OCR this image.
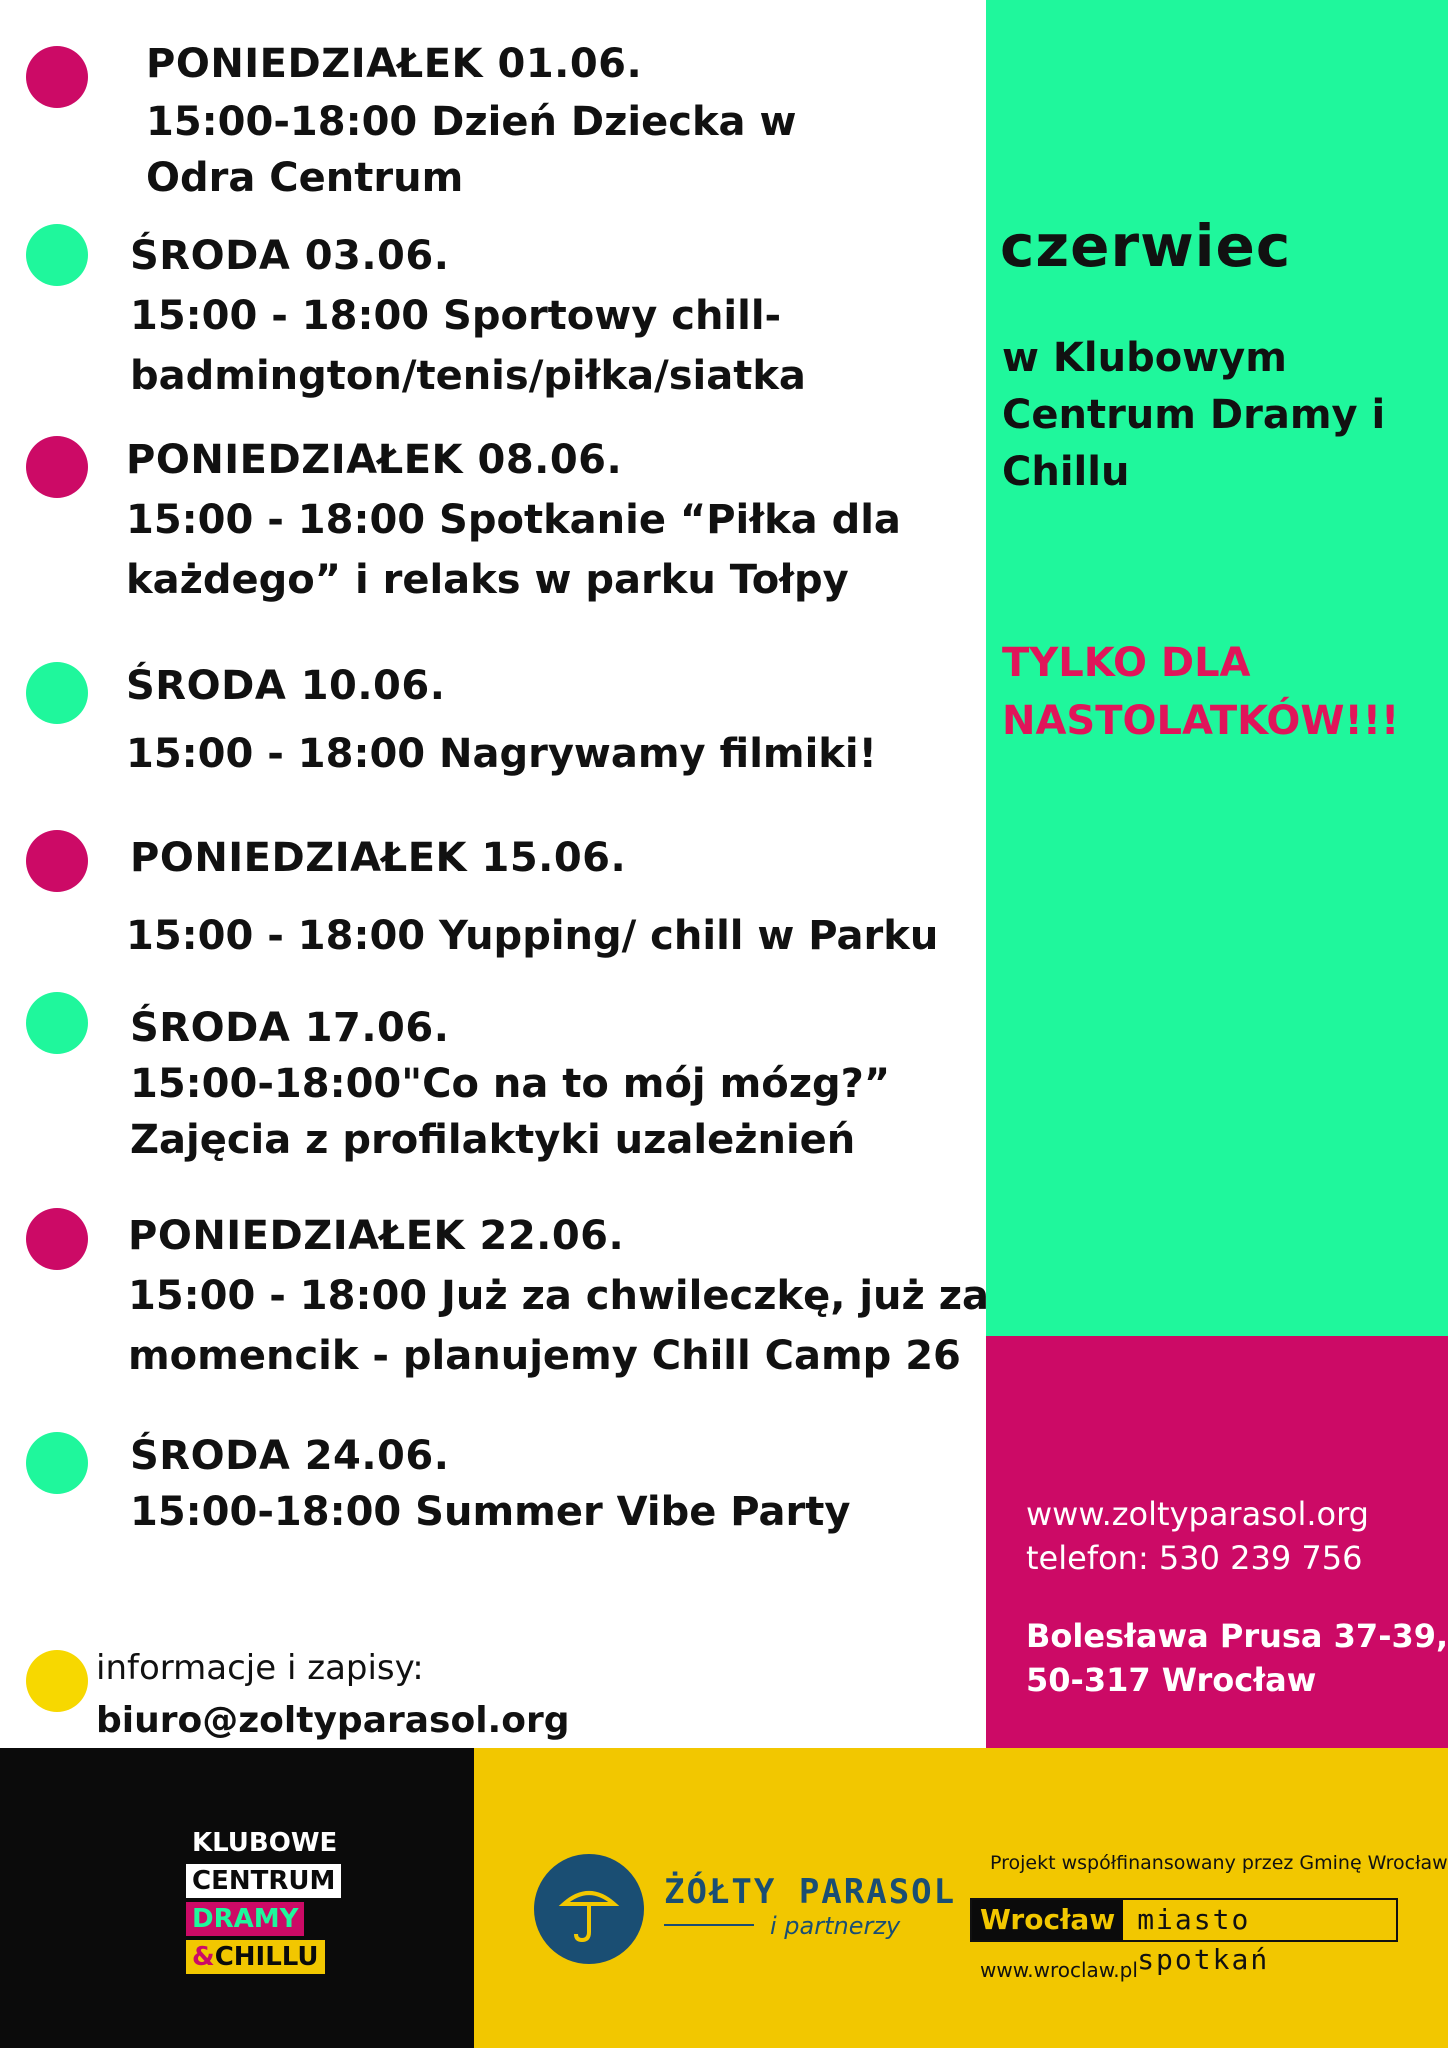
PONIEDZIAŁEK 01.06.
15:00-18:00 Dzień Dziecka w
Odra Centrum
ŚRODA 03.06.
15:00 - 18:00 Sportowy chill-
badmington/tenis/piłka/siatka
PONIEDZIAŁEK 08.06.
15:00 - 18:00 Spotkanie “Piłka dla
każdego” i relaks w parku Tołpy
ŚRODA 10.06.
15:00 - 18:00 Nagrywamy filmiki!
PONIEDZIAŁEK 15.06.
15:00 - 18:00 Yupping/ chill w Parku
ŚRODA 17.06.
15:00-18:00"Co na to mój mózg?”
Zajęcia z profilaktyki uzależnień
PONIEDZIAŁEK 22.06.
15:00 - 18:00 Już za chwileczkę, już za
momencik - planujemy Chill Camp 26
ŚRODA 24.06.
15:00-18:00 Summer Vibe Party
czerwiec
w Klubowym Centrum Dramy i Chillu
TYLKO DLA NASTOLATKÓW!!!
www.zoltyparasol.org
telefon: 530 239 756
Bolesława Prusa 37-39,
50-317 Wrocław
informacje i zapisy:
biuro@zoltyparasol.org
KLUBOWE
CENTRUM
DRAMY
&CHILLU
ŻÓŁTY PARASOL
i partnerzy
Projekt współfinansowany przez Gminę Wrocław
Wrocław miasto spotkań
www.wroclaw.pl
